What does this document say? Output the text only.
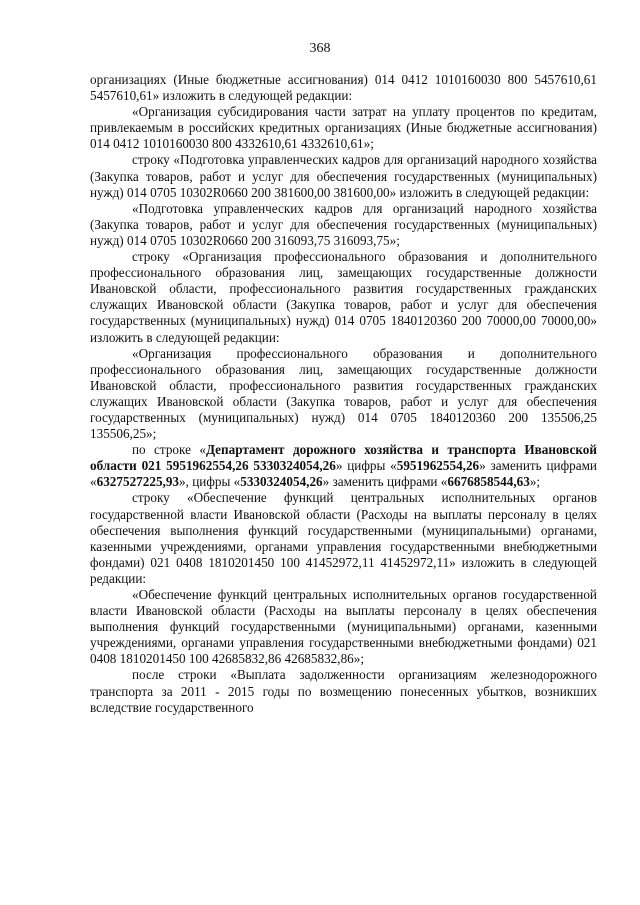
368

организациях (Иные бюджетные ассигнования) 014 0412 1010160030 800 5457610,61 5457610,61» изложить в следующей редакции:

«Организация субсидирования части затрат на уплату процентов по кредитам, привлекаемым в российских кредитных организациях (Иные бюджетные ассигнования) 014 0412 1010160030 800 4332610,61 4332610,61»;

строку «Подготовка управленческих кадров для организаций народного хозяйства (Закупка товаров, работ и услуг для обеспечения государственных (муниципальных) нужд) 014 0705 10302R0660 200 381600,00 381600,00» изложить в следующей редакции:

«Подготовка управленческих кадров для организаций народного хозяйства (Закупка товаров, работ и услуг для обеспечения государственных (муниципальных) нужд) 014 0705 10302R0660 200 316093,75 316093,75»;

строку «Организация профессионального образования и дополнительного профессионального образования лиц, замещающих государственные должности Ивановской области, профессионального развития государственных гражданских служащих Ивановской области (Закупка товаров, работ и услуг для обеспечения государственных (муниципальных) нужд) 014 0705 1840120360 200 70000,00 70000,00» изложить в следующей редакции:

«Организация профессионального образования и дополнительного профессионального образования лиц, замещающих государственные должности Ивановской области, профессионального развития государственных гражданских служащих Ивановской области (Закупка товаров, работ и услуг для обеспечения государственных (муниципальных) нужд) 014 0705 1840120360 200 135506,25 135506,25»;

по строке «Департамент дорожного хозяйства и транспорта Ивановской области 021 5951962554,26 5330324054,26» цифры «5951962554,26» заменить цифрами «6327527225,93», цифры «5330324054,26» заменить цифрами «6676858544,63»;

строку «Обеспечение функций центральных исполнительных органов государственной власти Ивановской области (Расходы на выплаты персоналу в целях обеспечения выполнения функций государственными (муниципальными) органами, казенными учреждениями, органами управления государственными внебюджетными фондами) 021 0408 1810201450 100 41452972,11 41452972,11» изложить в следующей редакции:

«Обеспечение функций центральных исполнительных органов государственной власти Ивановской области (Расходы на выплаты персоналу в целях обеспечения выполнения функций государственными (муниципальными) органами, казенными учреждениями, органами управления государственными внебюджетными фондами) 021 0408 1810201450 100 42685832,86 42685832,86»;

после строки «Выплата задолженности организациям железнодорожного транспорта за 2011 - 2015 годы по возмещению понесенных убытков, возникших вследствие государственного
